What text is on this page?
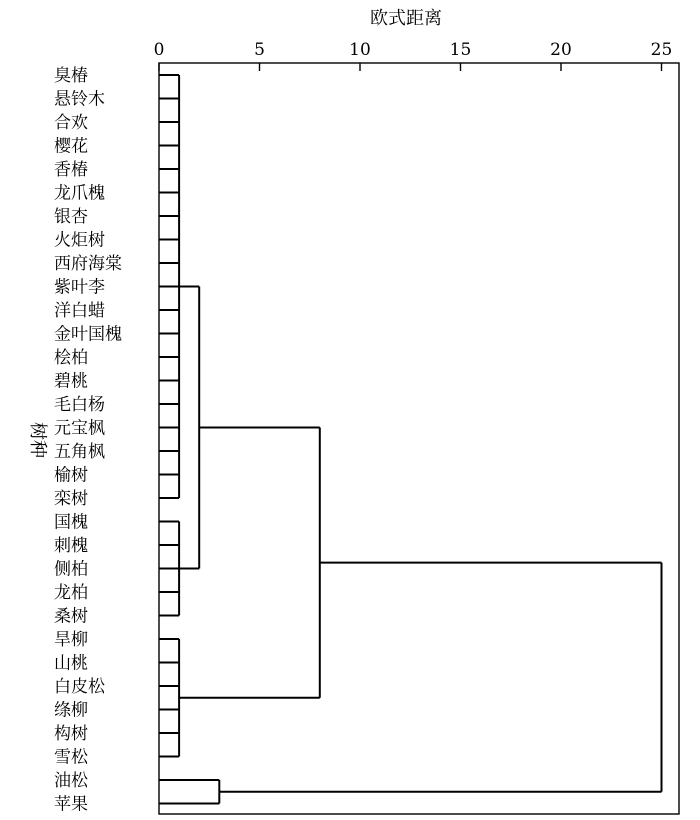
欧式距离
树种
0	5	10	15	20	25
臭椿
悬铃木
合欢
樱花
香椿
龙爪槐
银杏
火炬树
西府海棠
紫叶李
洋白蜡
金叶国槐
桧柏
碧桃
毛白杨
元宝枫
五角枫
榆树
栾树
国槐
刺槐
侧柏
龙柏
桑树
旱柳
山桃
白皮松
绦柳
构树
雪松
油松
苹果
